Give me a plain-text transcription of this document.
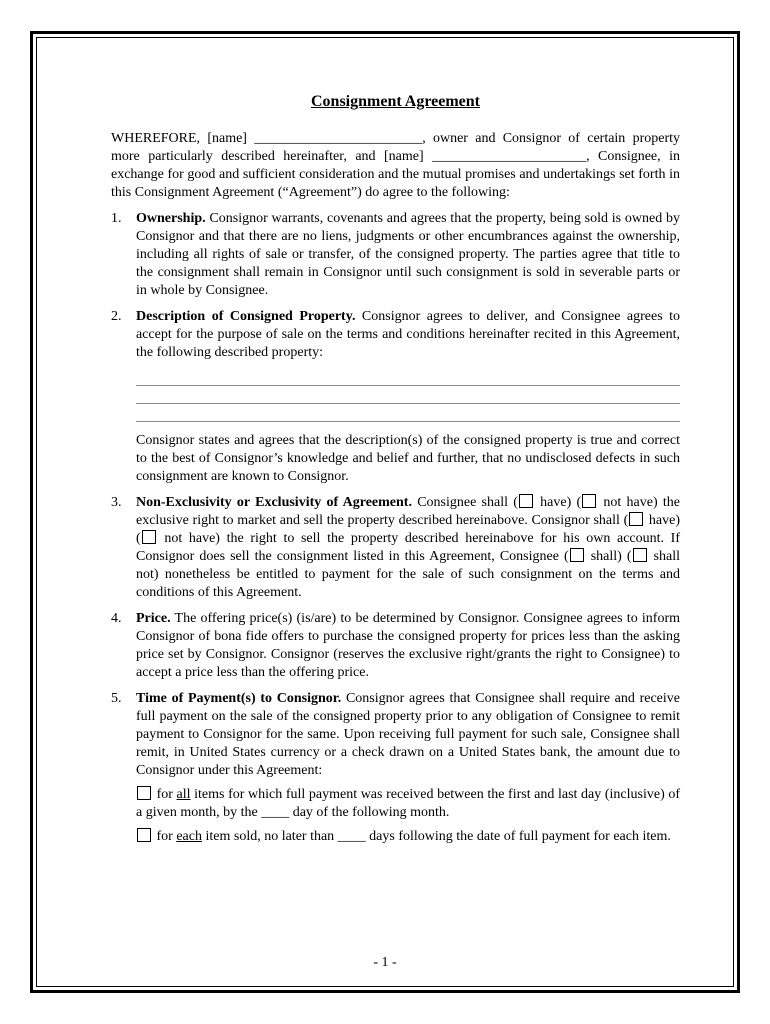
Consignment Agreement

WHEREFORE, [name] ________________________, owner and Consignor of certain property more particularly described hereinafter, and [name] ______________________, Consignee, in exchange for good and sufficient consideration and the mutual promises and undertakings set forth in this Consignment Agreement (“Agreement”) do agree to the following:

1. Ownership. Consignor warrants, covenants and agrees that the property, being sold is owned by Consignor and that there are no liens, judgments or other encumbrances against the ownership, including all rights of sale or transfer, of the consigned property. The parties agree that title to the consignment shall remain in Consignor until such consignment is sold in severable parts or in whole by Consignee.
2. Description of Consigned Property. Consignor agrees to deliver, and Consignee agrees to accept for the purpose of sale on the terms and conditions hereinafter recited in this Agreement, the following described property:

Consignor states and agrees that the description(s) of the consigned property is true and correct to the best of Consignor’s knowledge and belief and further, that no undisclosed defects in such consignment are known to Consignor.

3. Non-Exclusivity or Exclusivity of Agreement. Consignee shall ( have) ( not have) the exclusive right to market and sell the property described hereinabove. Consignor shall ( have) ( not have) the right to sell the property described hereinabove for his own account. If Consignor does sell the consignment listed in this Agreement, Consignee ( shall) ( shall not) nonetheless be entitled to payment for the sale of such consignment on the terms and conditions of this Agreement.
4. Price. The offering price(s) (is/are) to be determined by Consignor. Consignee agrees to inform Consignor of bona fide offers to purchase the consigned property for prices less than the asking price set by Consignor. Consignor (reserves the exclusive right/grants the right to Consignee) to accept a price less than the offering price.
5. Time of Payment(s) to Consignor. Consignor agrees that Consignee shall require and receive full payment on the sale of the consigned property prior to any obligation of Consignee to remit payment to Consignor for the same. Upon receiving full payment for such sale, Consignee shall remit, in United States currency or a check drawn on a United States bank, the amount due to Consignor under this Agreement:

for all items for which full payment was received between the first and last day (inclusive) of a given month, by the ____ day of the following month.

for each item sold, no later than ____ days following the date of full payment for each item.

- 1 -
